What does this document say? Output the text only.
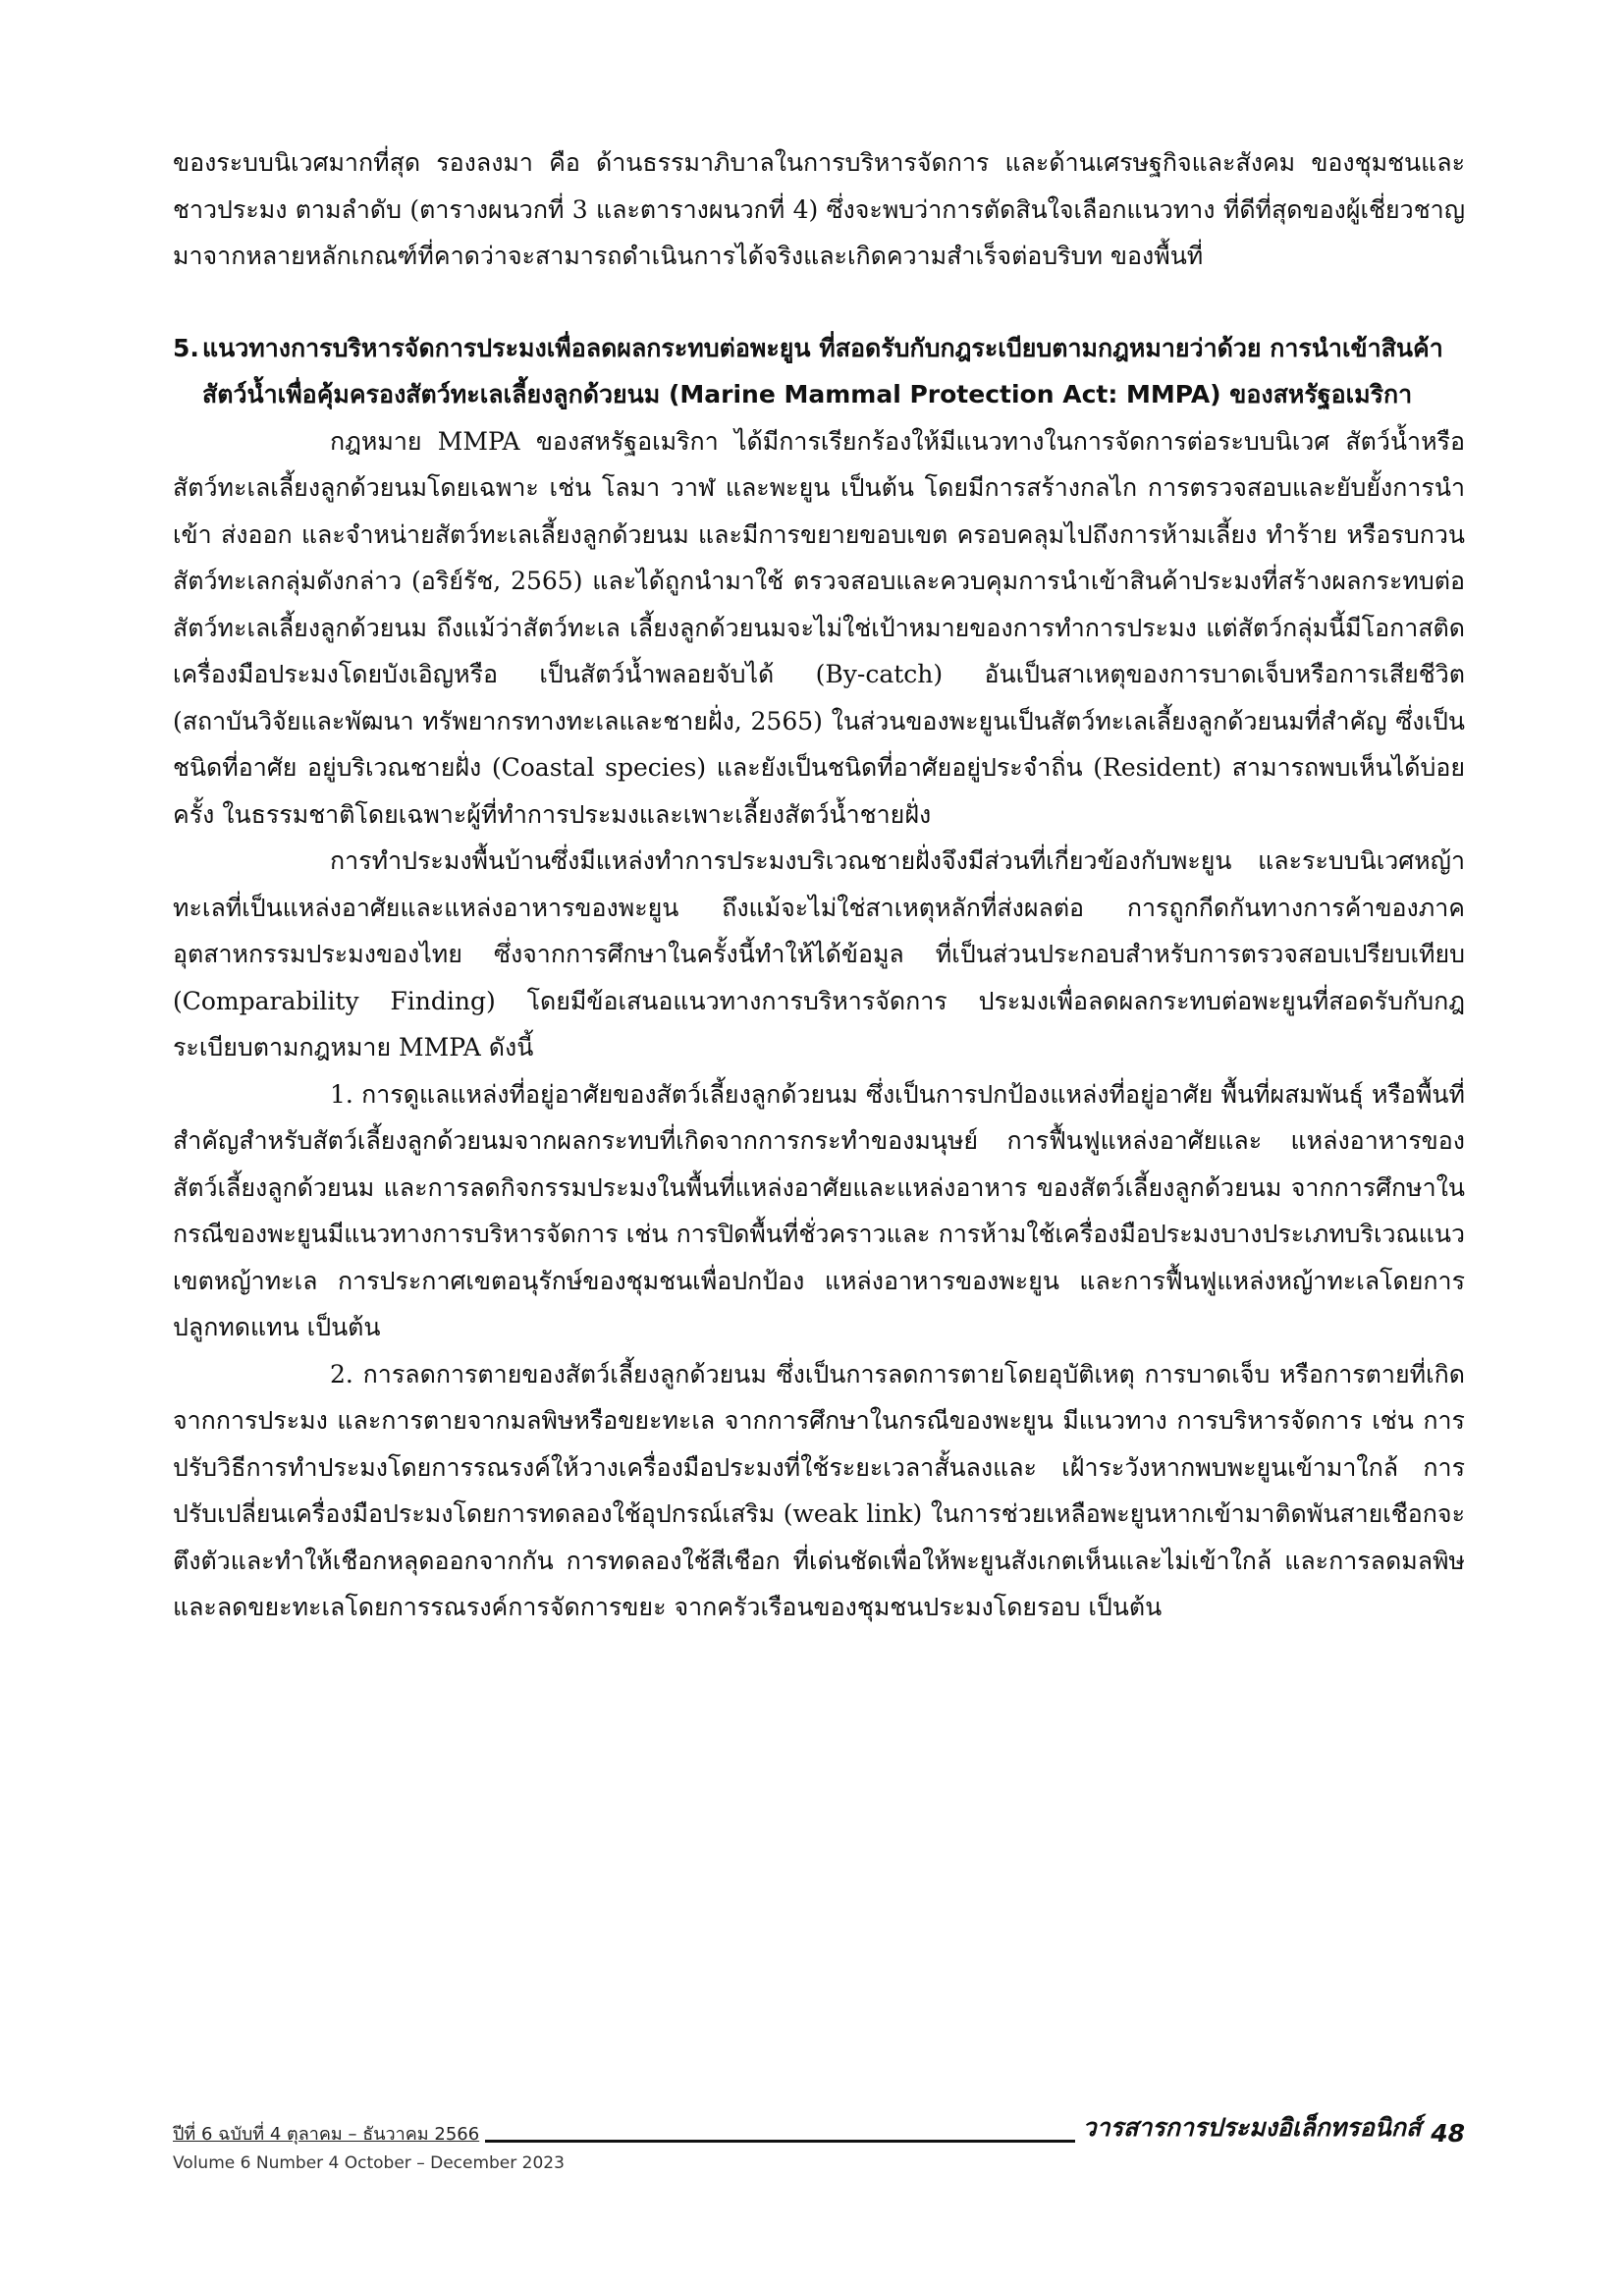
ของระบบนิเวศมากที่สุด รองลงมา คือ ด้านธรรมาภิบาลในการบริหารจัดการ และด้านเศรษฐกิจและสังคม ของชุมชนและชาวประมง ตามลำดับ (ตารางผนวกที่ 3 และตารางผนวกที่ 4) ซึ่งจะพบว่าการตัดสินใจเลือกแนวทาง ที่ดีที่สุดของผู้เชี่ยวชาญมาจากหลายหลักเกณฑ์ที่คาดว่าจะสามารถดำเนินการได้จริงและเกิดความสำเร็จต่อบริบท ของพื้นที่

5. แนวทางการบริหารจัดการประมงเพื่อลดผลกระทบต่อพะยูน ที่สอดรับกับกฎระเบียบตามกฎหมายว่าด้วย การนำเข้าสินค้าสัตว์น้ำเพื่อคุ้มครองสัตว์ทะเลเลี้ยงลูกด้วยนม (Marine Mammal Protection Act: MMPA) ของสหรัฐอเมริกา

กฎหมาย MMPA ของสหรัฐอเมริกา ได้มีการเรียกร้องให้มีแนวทางในการจัดการต่อระบบนิเวศ สัตว์น้ำหรือสัตว์ทะเลเลี้ยงลูกด้วยนมโดยเฉพาะ เช่น โลมา วาฬ และพะยูน เป็นต้น โดยมีการสร้างกลไก การตรวจสอบและยับยั้งการนำเข้า ส่งออก และจำหน่ายสัตว์ทะเลเลี้ยงลูกด้วยนม และมีการขยายขอบเขต ครอบคลุมไปถึงการห้ามเลี้ยง ทำร้าย หรือรบกวนสัตว์ทะเลกลุ่มดังกล่าว (อริย์รัช, 2565) และได้ถูกนำมาใช้ ตรวจสอบและควบคุมการนำเข้าสินค้าประมงที่สร้างผลกระทบต่อสัตว์ทะเลเลี้ยงลูกด้วยนม ถึงแม้ว่าสัตว์ทะเล เลี้ยงลูกด้วยนมจะไม่ใช่เป้าหมายของการทำการประมง แต่สัตว์กลุ่มนี้มีโอกาสติดเครื่องมือประมงโดยบังเอิญหรือ เป็นสัตว์น้ำพลอยจับได้ (By-catch) อันเป็นสาเหตุของการบาดเจ็บหรือการเสียชีวิต (สถาบันวิจัยและพัฒนา ทรัพยากรทางทะเลและชายฝั่ง, 2565) ในส่วนของพะยูนเป็นสัตว์ทะเลเลี้ยงลูกด้วยนมที่สำคัญ ซึ่งเป็นชนิดที่อาศัย อยู่บริเวณชายฝั่ง (Coastal species) และยังเป็นชนิดที่อาศัยอยู่ประจำถิ่น (Resident) สามารถพบเห็นได้บ่อยครั้ง ในธรรมชาติโดยเฉพาะผู้ที่ทำการประมงและเพาะเลี้ยงสัตว์น้ำชายฝั่ง

การทำประมงพื้นบ้านซึ่งมีแหล่งทำการประมงบริเวณชายฝั่งจึงมีส่วนที่เกี่ยวข้องกับพะยูน และระบบนิเวศหญ้าทะเลที่เป็นแหล่งอาศัยและแหล่งอาหารของพะยูน ถึงแม้จะไม่ใช่สาเหตุหลักที่ส่งผลต่อ การถูกกีดกันทางการค้าของภาคอุตสาหกรรมประมงของไทย ซึ่งจากการศึกษาในครั้งนี้ทำให้ได้ข้อมูล ที่เป็นส่วนประกอบสำหรับการตรวจสอบเปรียบเทียบ (Comparability Finding) โดยมีข้อเสนอแนวทางการบริหารจัดการ ประมงเพื่อลดผลกระทบต่อพะยูนที่สอดรับกับกฎระเบียบตามกฎหมาย MMPA ดังนี้

1. การดูแลแหล่งที่อยู่อาศัยของสัตว์เลี้ยงลูกด้วยนม ซึ่งเป็นการปกป้องแหล่งที่อยู่อาศัย พื้นที่ผสมพันธุ์ หรือพื้นที่สำคัญสำหรับสัตว์เลี้ยงลูกด้วยนมจากผลกระทบที่เกิดจากการกระทำของมนุษย์ การฟื้นฟูแหล่งอาศัยและ แหล่งอาหารของสัตว์เลี้ยงลูกด้วยนม และการลดกิจกรรมประมงในพื้นที่แหล่งอาศัยและแหล่งอาหาร ของสัตว์เลี้ยงลูกด้วยนม จากการศึกษาในกรณีของพะยูนมีแนวทางการบริหารจัดการ เช่น การปิดพื้นที่ชั่วคราวและ การห้ามใช้เครื่องมือประมงบางประเภทบริเวณแนวเขตหญ้าทะเล การประกาศเขตอนุรักษ์ของชุมชนเพื่อปกป้อง แหล่งอาหารของพะยูน และการฟื้นฟูแหล่งหญ้าทะเลโดยการปลูกทดแทน เป็นต้น

2. การลดการตายของสัตว์เลี้ยงลูกด้วยนม ซึ่งเป็นการลดการตายโดยอุบัติเหตุ การบาดเจ็บ หรือการตายที่เกิดจากการประมง และการตายจากมลพิษหรือขยะทะเล จากการศึกษาในกรณีของพะยูน มีแนวทาง การบริหารจัดการ เช่น การปรับวิธีการทำประมงโดยการรณรงค์ให้วางเครื่องมือประมงที่ใช้ระยะเวลาสั้นลงและ เฝ้าระวังหากพบพะยูนเข้ามาใกล้ การปรับเปลี่ยนเครื่องมือประมงโดยการทดลองใช้อุปกรณ์เสริม (weak link) ในการช่วยเหลือพะยูนหากเข้ามาติดพันสายเชือกจะตึงตัวและทำให้เชือกหลุดออกจากกัน การทดลองใช้สีเชือก ที่เด่นชัดเพื่อให้พะยูนสังเกตเห็นและไม่เข้าใกล้ และการลดมลพิษและลดขยะทะเลโดยการรณรงค์การจัดการขยะ จากครัวเรือนของชุมชนประมงโดยรอบ เป็นต้น

ปีที่ 6 ฉบับที่ 4 ตุลาคม – ธันวาคม 2566	วารสารการประมงอิเล็กทรอนิกส์ 48
Volume 6 Number 4 October – December 2023
